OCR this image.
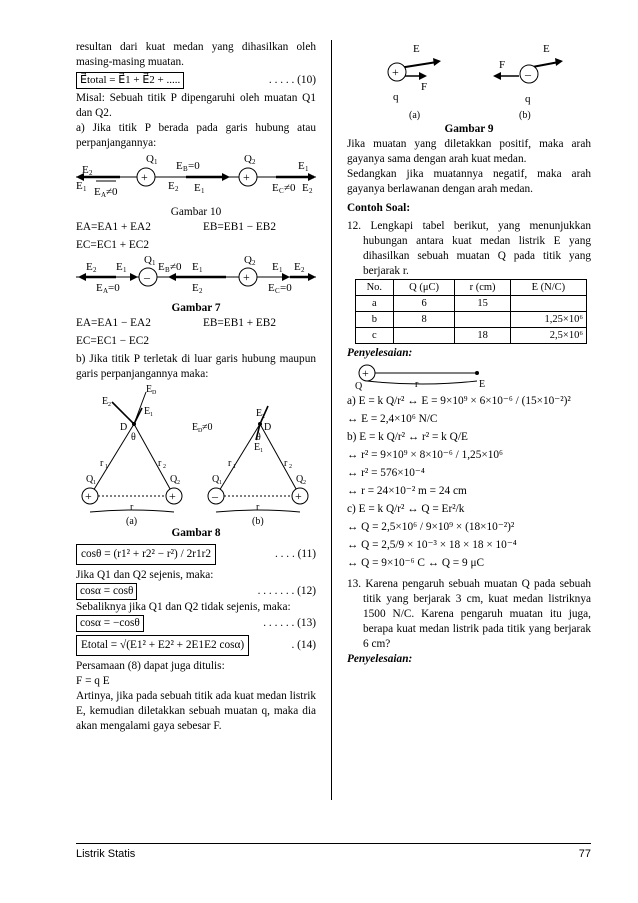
resultan dari kuat medan yang dihasilkan oleh masing-masing muatan.

E⃗total = E⃗1 + E⃗2 + .....	. . . . . (10)

Misal: Sebuah titik P dipengaruhi oleh muatan Q1 dan Q2.

a) Jika titik P berada pada garis hubung atau perpanjangannya:

+
Q 1
+
Q 2
E 2
E 1 E A ≠0
E B =0
E 2 E 1
E 1
E C ≠0 E 2

Gambar 10

EA=EA1 + EA2	EB=EB1 − EB2

EC=EC1 + EC2

–
Q 1
+
Q 2
E 2 E 1
E A =0
E B ≠0 E 1
E 2
E 1 E 2
E C =0

Gambar 7

EA=EA1 − EA2	EB=EB1 + EB2

EC=EC1 − EC2

b) Jika titik P terletak di luar garis hubung maupun garis perpanjangannya maka:

+	+
E D
E 2
E 1
D
θ
r 1	r 2
Q 1	Q 2
r
(a)
–	+
E D ≠0
E 2
D
θ
E 1
r 1	r 2
Q 1	Q 2
r
(b)

Gambar 8

cosθ = (r1² + r2² − r²) / 2r1r2	. . . . (11)

Jika Q1 dan Q2 sejenis, maka:

cosα = cosθ	. . . . . . . (12)

Sebaliknya jika Q1 dan Q2 tidak sejenis, maka:

cosα = −cosθ	. . . . . . (13)
Etotal = √(E1² + E2² + 2E1E2 cosα)	. (14)

Persamaan (8) dapat juga ditulis:

F = q E

Artinya, jika pada sebuah titik ada kuat medan listrik E, kemudian diletakkan sebuah muatan q, maka dia akan mengalami gaya sebesar F.

E
+
F
q
E
F
–
q
(a)	(b)

Gambar 9

Jika muatan yang diletakkan positif, maka arah gayanya sama dengan arah kuat medan.

Sedangkan jika muatannya negatif, maka arah gayanya berlawanan dengan arah medan.

Contoh Soal:

12. Lengkapi tabel berikut, yang menunjukkan hubungan antara kuat medan listrik E yang dihasilkan sebuah muatan Q pada titik yang berjarak r.

No.	Q (μC)	r (cm)	E (N/C)
a	6	15	
b	8		1,25×10⁶
c		18	2,5×10⁶

Penyelesaian:

+
Q	r	E

a) E = k Q/r² ↔ E = 9×10⁹ × 6×10⁻⁶ / (15×10⁻²)²

↔ E = 2,4×10⁶ N/C

b) E = k Q/r² ↔ r² = k Q/E

↔ r² = 9×10⁹ × 8×10⁻⁶ / 1,25×10⁶

↔ r² = 576×10⁻⁴

↔ r = 24×10⁻² m = 24 cm

c) E = k Q/r² ↔ Q = Er²/k

↔ Q = 2,5×10⁶ / 9×10⁹ × (18×10⁻²)²

↔ Q = 2,5/9 × 10⁻³ × 18 × 18 × 10⁻⁴

↔ Q = 9×10⁻⁶ C ↔ Q = 9 μC

13. Karena pengaruh sebuah muatan Q pada sebuah titik yang berjarak 3 cm, kuat medan listriknya 1500 N/C. Karena pengaruh muatan itu juga, berapa kuat medan listrik pada titik yang berjarak 6 cm?

Penyelesaian:

Listrik Statis	77
